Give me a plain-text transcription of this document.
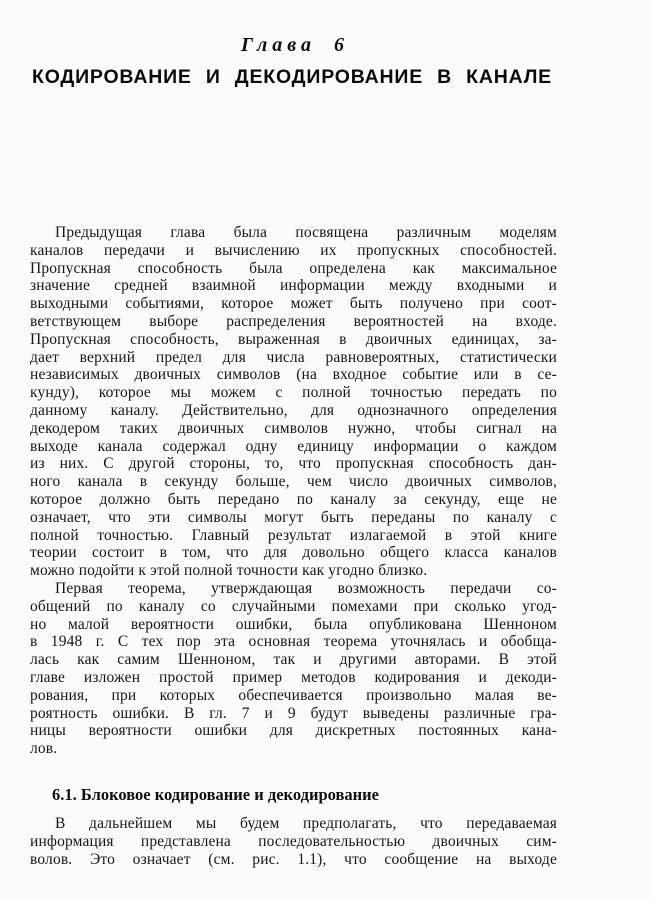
Глава 6
КОДИРОВАНИЕ И ДЕКОДИРОВАНИЕ В КАНАЛЕ
Предыдущая глава была посвящена различным моделям
каналов передачи и вычислению их пропускных способностей.
Пропускная способность была определена как максимальное
значение средней взаимной информации между входными и
выходными событиями, которое может быть получено при соот-
ветствующем выборе распределения вероятностей на входе.
Пропускная способность, выраженная в двоичных единицах, за-
дает верхний предел для числа равновероятных, статистически
независимых двоичных символов (на входное событие или в се-
кунду), которое мы можем с полной точностью передать по
данному каналу. Действительно, для однозначного определения
декодером таких двоичных символов нужно, чтобы сигнал на
выходе канала содержал одну единицу информации о каждом
из них. С другой стороны, то, что пропускная способность дан-
ного канала в секунду больше, чем число двоичных символов,
которое должно быть передано по каналу за секунду, еще не
означает, что эти символы могут быть переданы по каналу с
полной точностью. Главный результат излагаемой в этой книге
теории состоит в том, что для довольно общего класса каналов
можно подойти к этой полной точности как угодно близко.
Первая теорема, утверждающая возможность передачи со-
общений по каналу со случайными помехами при сколько угод-
но малой вероятности ошибки, была опубликована Шенноном
в 1948 г. С тех пор эта основная теорема уточнялась и обобща-
лась как самим Шенноном, так и другими авторами. В этой
главе изложен простой пример методов кодирования и декоди-
рования, при которых обеспечивается произвольно малая ве-
роятность ошибки. В гл. 7 и 9 будут выведены различные гра-
ницы вероятности ошибки для дискретных постоянных кана-
лов.
6.1. Блоковое кодирование и декодирование
В дальнейшем мы будем предполагать, что передаваемая
информация представлена последовательностью двоичных сим-
волов. Это означает (см. рис. 1.1), что сообщение на выходе
